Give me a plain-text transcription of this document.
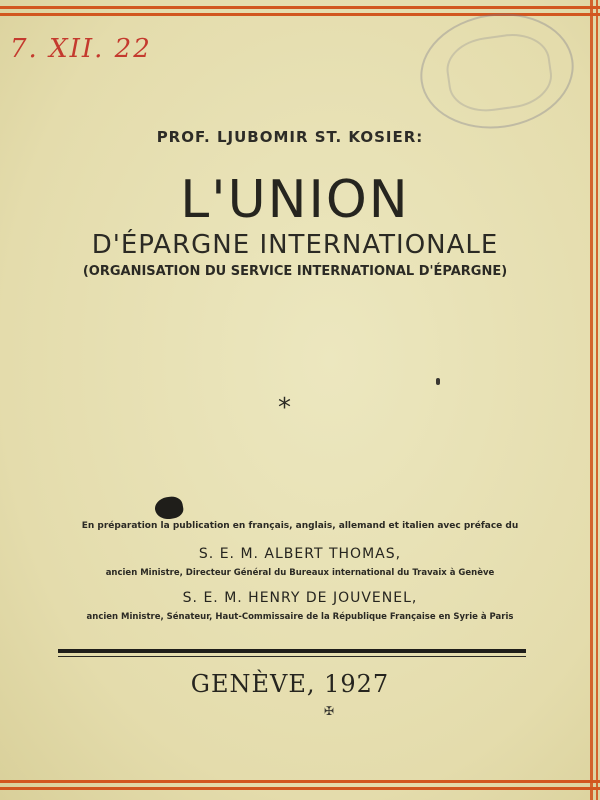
7. XII. 22
PROF. LJUBOMIR ST. KOSIER:
L'UNION
D'ÉPARGNE INTERNATIONALE
(ORGANISATION DU SERVICE INTERNATIONAL D'ÉPARGNE)
*
En préparation la publication en français, anglais, allemand et italien avec préface du
S. E. M. ALBERT THOMAS,
ancien Ministre, Directeur Général du Bureaux international du Travaix à Genève
S. E. M. HENRY DE JOUVENEL,
ancien Ministre, Sénateur, Haut-Commissaire de la République Française en Syrie à Paris
GENÈVE, 1927
✠
